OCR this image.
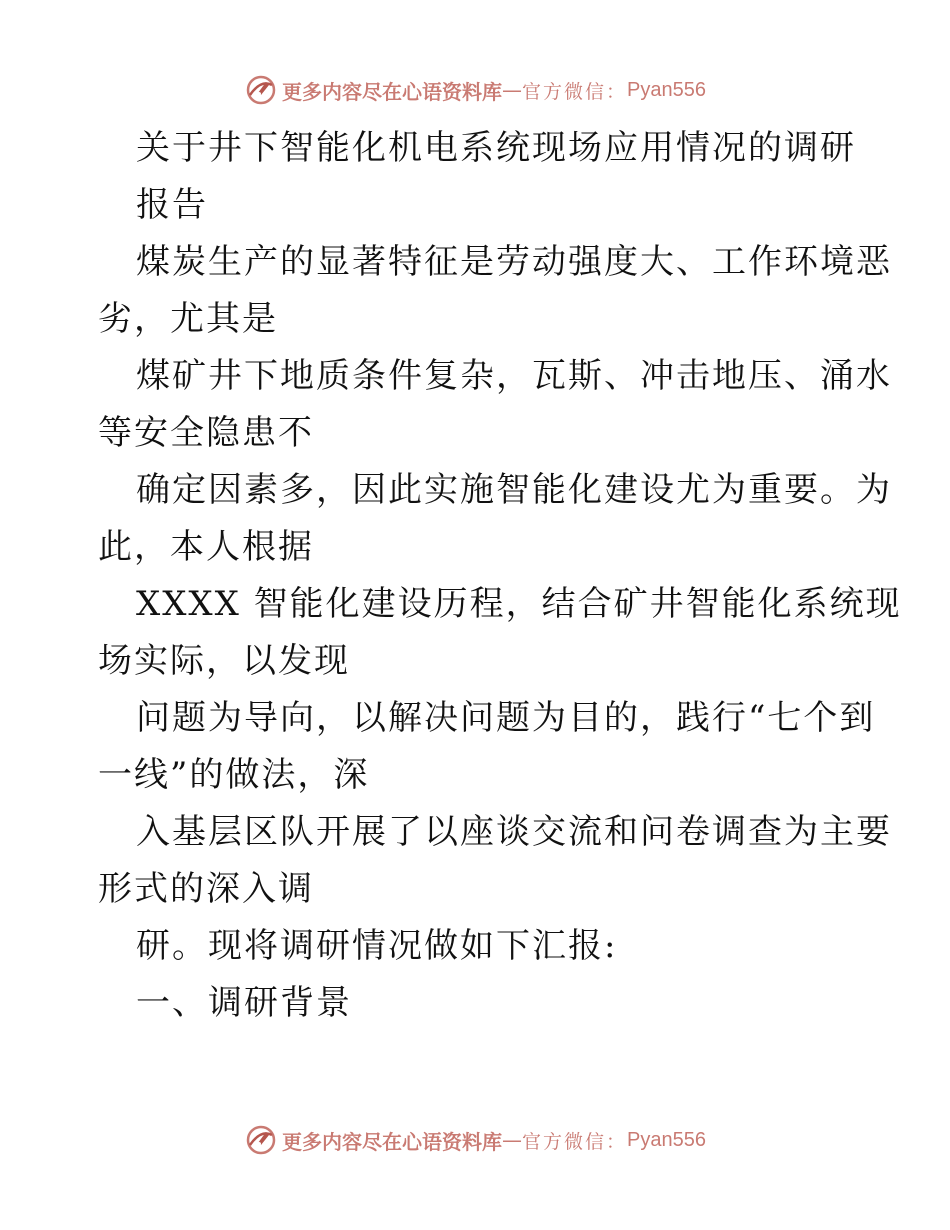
更多内容尽在心语资料库 — 官方微信： Pyan556
关于井下智能化机电系统现场应用情况的调研
报告
煤炭生产的显著特征是劳动强度大、工作环境恶
劣，尤其是
煤矿井下地质条件复杂，瓦斯、冲击地压、涌水
等安全隐患不
确定因素多，因此实施智能化建设尤为重要。为
此，本人根据
XXXX 智能化建设历程，结合矿井智能化系统现
场实际，以发现
问题为导向，以解决问题为目的，践行“七个到
一线”的做法，深
入基层区队开展了以座谈交流和问卷调查为主要
形式的深入调
研。现将调研情况做如下汇报:
一、调研背景
更多内容尽在心语资料库 — 官方微信： Pyan556
